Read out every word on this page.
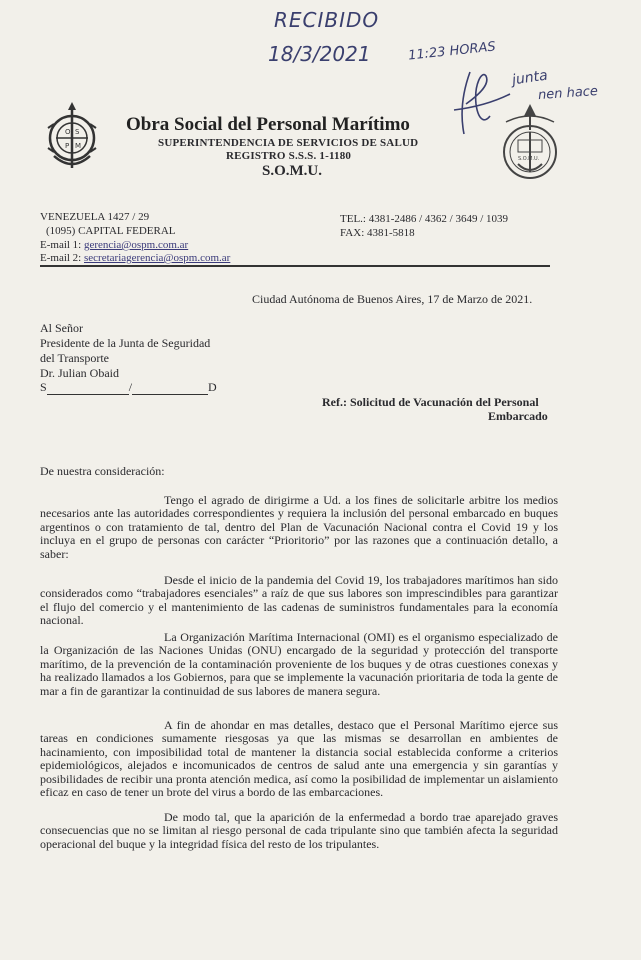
RECIBIDO
18/3/2021	11:23 HORAS
junta
nen hace
O S
P M
Obra Social del Personal Marítimo
SUPERINTENDENCIA DE SERVICIOS DE SALUD
REGISTRO S.S.S. 1-1180
S.O.M.U.
S.O.M.U.
VENEZUELA 1427 / 29
(1095) CAPITAL FEDERAL
E-mail 1: gerencia@ospm.com.ar
E-mail 2: secretariagerencia@ospm.com.ar
TEL.: 4381-2486 / 4362 / 3649 / 1039
FAX: 4381-5818
Ciudad Autónoma de Buenos Aires, 17 de Marzo de 2021.
Al Señor
Presidente de la Junta de Seguridad
del Transporte
Dr. Julian Obaid
S	/	D
Ref.: Solicitud de Vacunación del Personal
Embarcado
De nuestra consideración:
Tengo el agrado de dirigirme a Ud. a los fines de solicitarle arbitre los medios necesarios ante las autoridades correspondientes y requiera la inclusión del personal embarcado en buques argentinos o con tratamiento de tal, dentro del Plan de Vacunación Nacional contra el Covid 19 y los incluya en el grupo de personas con carácter “Prioritorio” por las razones que a continuación detallo, a saber:
Desde el inicio de la pandemia del Covid 19, los trabajadores marítimos han sido considerados como “trabajadores esenciales” a raíz de que sus labores son imprescindibles para garantizar el flujo del comercio y el mantenimiento de las cadenas de suministros fundamentales para la economía nacional.
La Organización Marítima Internacional (OMI) es el organismo especializado de la Organización de las Naciones Unidas (ONU) encargado de la seguridad y protección del transporte marítimo, de la prevención de la contaminación proveniente de los buques y de otras cuestiones conexas y ha realizado llamados a los Gobiernos, para que se implemente la vacunación prioritaria de toda la gente de mar a fin de garantizar la continuidad de sus labores de manera segura.
A fin de ahondar en mas detalles, destaco que el Personal Marítimo ejerce sus tareas en condiciones sumamente riesgosas ya que las mismas se desarrollan en ambientes de hacinamiento, con imposibilidad total de mantener la distancia social establecida conforme a criterios epidemiológicos, alejados e incomunicados de centros de salud ante una emergencia y sin garantías y posibilidades de recibir una pronta atención medica, así como la posibilidad de implementar un aislamiento eficaz en caso de tener un brote del virus a bordo de las embarcaciones.
De modo tal, que la aparición de la enfermedad a bordo trae aparejado graves consecuencias que no se limitan al riesgo personal de cada tripulante sino que también afecta la seguridad operacional del buque y la integridad física del resto de los tripulantes.
